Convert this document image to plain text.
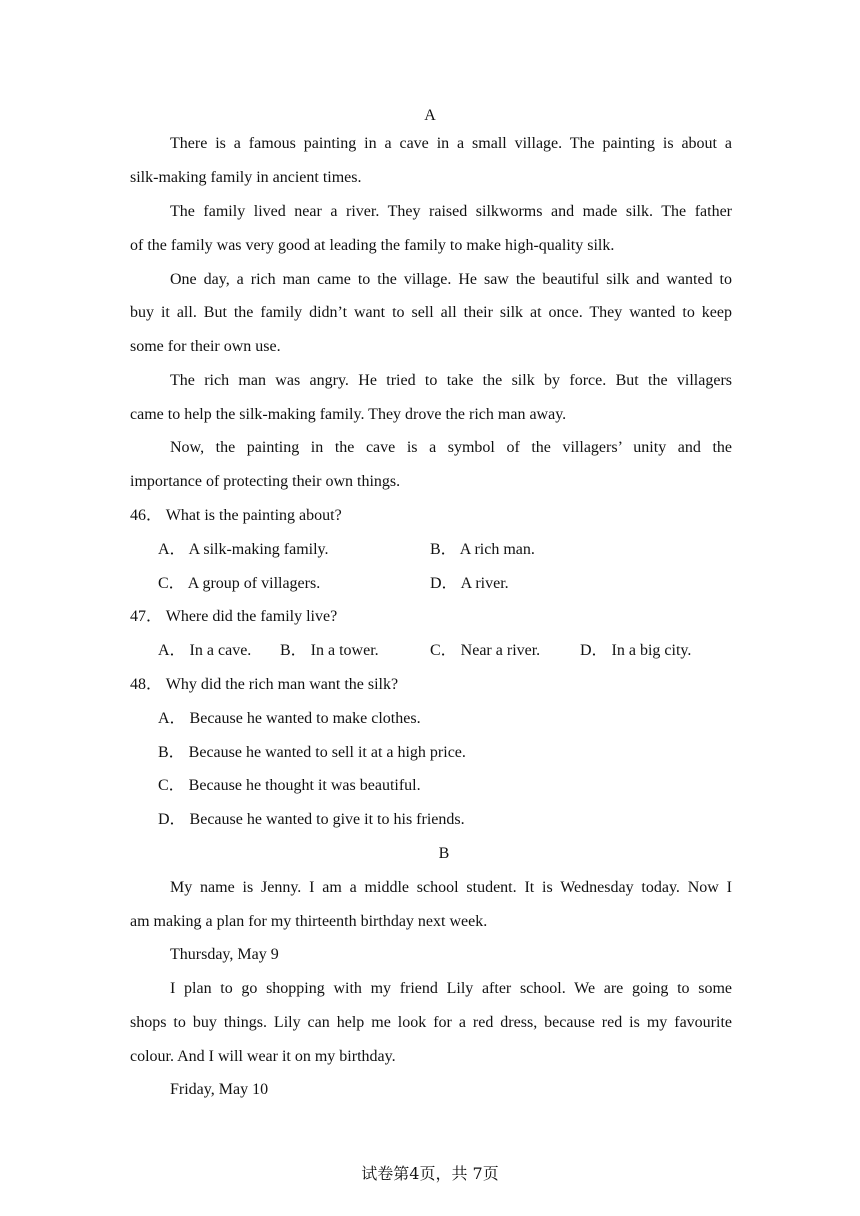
A
There is a famous painting in a cave in a small village. The painting is about a
silk-making family in ancient times.
The family lived near a river. They raised silkworms and made silk. The father
of the family was very good at leading the family to make high-quality silk.
One day, a rich man came to the village. He saw the beautiful silk and wanted to
buy it all. But the family didn’t want to sell all their silk at once. They wanted to keep
some for their own use.
The rich man was angry. He tried to take the silk by force. But the villagers
came to help the silk-making family. They drove the rich man away.
Now, the painting in the cave is a symbol of the villagers’ unity and the
importance of protecting their own things.
46． What is the painting about?
A． A silk-making family.	B． A rich man.
C． A group of villagers.	D． A river.
47． Where did the family live?
A． In a cave. B． In a tower.	C． Near a river. D． In a big city.
48． Why did the rich man want the silk?
A． Because he wanted to make clothes.
B． Because he wanted to sell it at a high price.
C． Because he thought it was beautiful.
D． Because he wanted to give it to his friends.
B
My name is Jenny. I am a middle school student. It is Wednesday today. Now I
am making a plan for my thirteenth birthday next week.
Thursday, May 9
I plan to go shopping with my friend Lily after school. We are going to some
shops to buy things. Lily can help me look for a red dress, because red is my favourite
colour. And I will wear it on my birthday.
Friday, May 10
试卷第4页，共 7页
